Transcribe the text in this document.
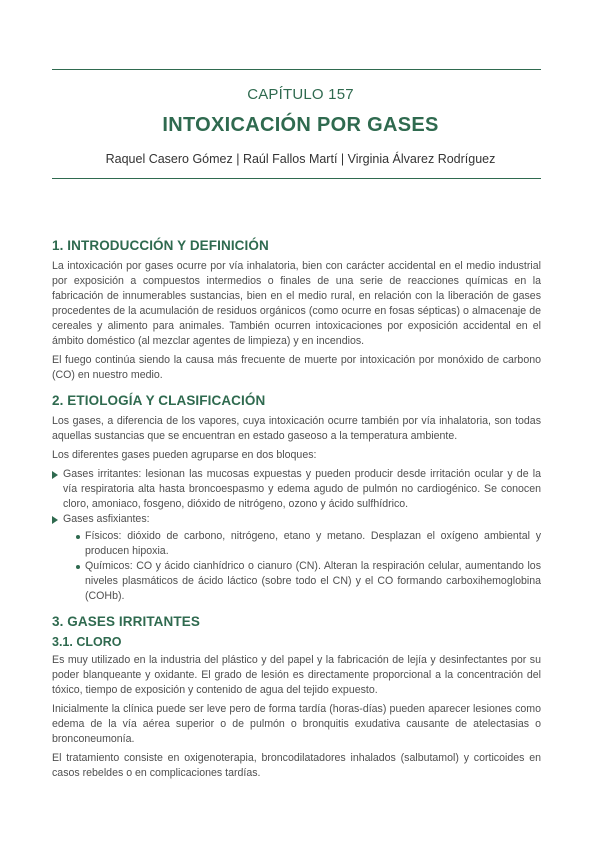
CAPÍTULO 157
INTOXICACIÓN POR GASES
Raquel Casero Gómez | Raúl Fallos Martí | Virginia Álvarez Rodríguez
1. INTRODUCCIÓN Y DEFINICIÓN

La intoxicación por gases ocurre por vía inhalatoria, bien con carácter accidental en el medio industrial por exposición a compuestos intermedios o finales de una serie de reacciones químicas en la fabricación de innumerables sustancias, bien en el medio rural, en relación con la liberación de gases procedentes de la acumulación de residuos orgánicos (como ocurre en fosas sépticas) o almacenaje de cereales y alimento para animales. También ocurren intoxicaciones por exposición accidental en el ámbito doméstico (al mezclar agentes de limpieza) y en incendios.

El fuego continúa siendo la causa más frecuente de muerte por intoxicación por monóxido de carbono (CO) en nuestro medio.

2. ETIOLOGÍA Y CLASIFICACIÓN

Los gases, a diferencia de los vapores, cuya intoxicación ocurre también por vía inhalatoria, son todas aquellas sustancias que se encuentran en estado gaseoso a la temperatura ambiente.

Los diferentes gases pueden agruparse en dos bloques:

Gases irritantes: lesionan las mucosas expuestas y pueden producir desde irritación ocular y de la vía respiratoria alta hasta broncoespasmo y edema agudo de pulmón no cardiogénico. Se conocen cloro, amoniaco, fosgeno, dióxido de nitrógeno, ozono y ácido sulfhídrico.
Gases asfixiantes:
Físicos: dióxido de carbono, nitrógeno, etano y metano. Desplazan el oxígeno ambiental y producen hipoxia.
Químicos: CO y ácido cianhídrico o cianuro (CN). Alteran la respiración celular, aumentando los niveles plasmáticos de ácido láctico (sobre todo el CN) y el CO formando carboxihemoglobina (COHb).
3. GASES IRRITANTES
3.1. CLORO

Es muy utilizado en la industria del plástico y del papel y la fabricación de lejía y desinfectantes por su poder blanqueante y oxidante. El grado de lesión es directamente proporcional a la concentración del tóxico, tiempo de exposición y contenido de agua del tejido expuesto.

Inicialmente la clínica puede ser leve pero de forma tardía (horas-días) pueden aparecer lesiones como edema de la vía aérea superior o de pulmón o bronquitis exudativa causante de atelectasias o bronconeumonía.

El tratamiento consiste en oxigenoterapia, broncodilatadores inhalados (salbutamol) y corticoides en casos rebeldes o en complicaciones tardías.
